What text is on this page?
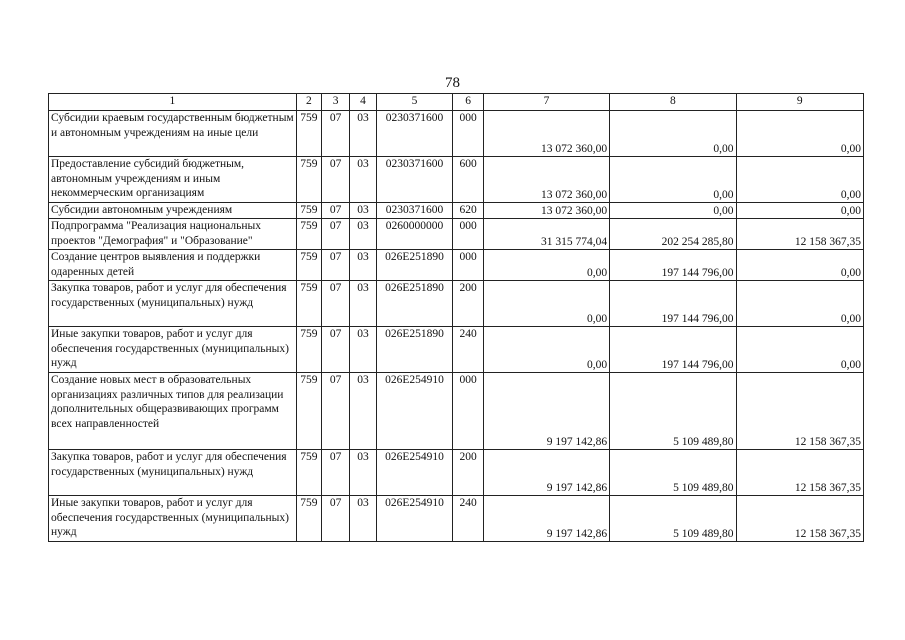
78
1	2	3	4	5	6	7	8	9
Субсидии краевым государственным бюджетным и автономным учреждениям на иные цели	759	07	03	0230371600	000	13 072 360,00	0,00	0,00
Предоставление субсидий бюджетным, автономным учреждениям и иным некоммерческим организациям	759	07	03	0230371600	600	13 072 360,00	0,00	0,00
Субсидии автономным учреждениям	759	07	03	0230371600	620	13 072 360,00	0,00	0,00
Подпрограмма "Реализация национальных проектов "Демография" и "Образование"	759	07	03	0260000000	000	31 315 774,04	202 254 285,80	12 158 367,35
Создание центров выявления и поддержки одаренных детей	759	07	03	026E251890	000	0,00	197 144 796,00	0,00
Закупка товаров, работ и услуг для обеспечения государственных (муниципальных) нужд	759	07	03	026E251890	200	0,00	197 144 796,00	0,00
Иные закупки товаров, работ и услуг для обеспечения государственных (муниципальных) нужд	759	07	03	026E251890	240	0,00	197 144 796,00	0,00
Создание новых мест в образовательных организациях различных типов для реализации дополнительных общеразвивающих программ всех направленностей	759	07	03	026E254910	000	9 197 142,86	5 109 489,80	12 158 367,35
Закупка товаров, работ и услуг для обеспечения государственных (муниципальных) нужд	759	07	03	026E254910	200	9 197 142,86	5 109 489,80	12 158 367,35
Иные закупки товаров, работ и услуг для обеспечения государственных (муниципальных) нужд	759	07	03	026E254910	240	9 197 142,86	5 109 489,80	12 158 367,35
